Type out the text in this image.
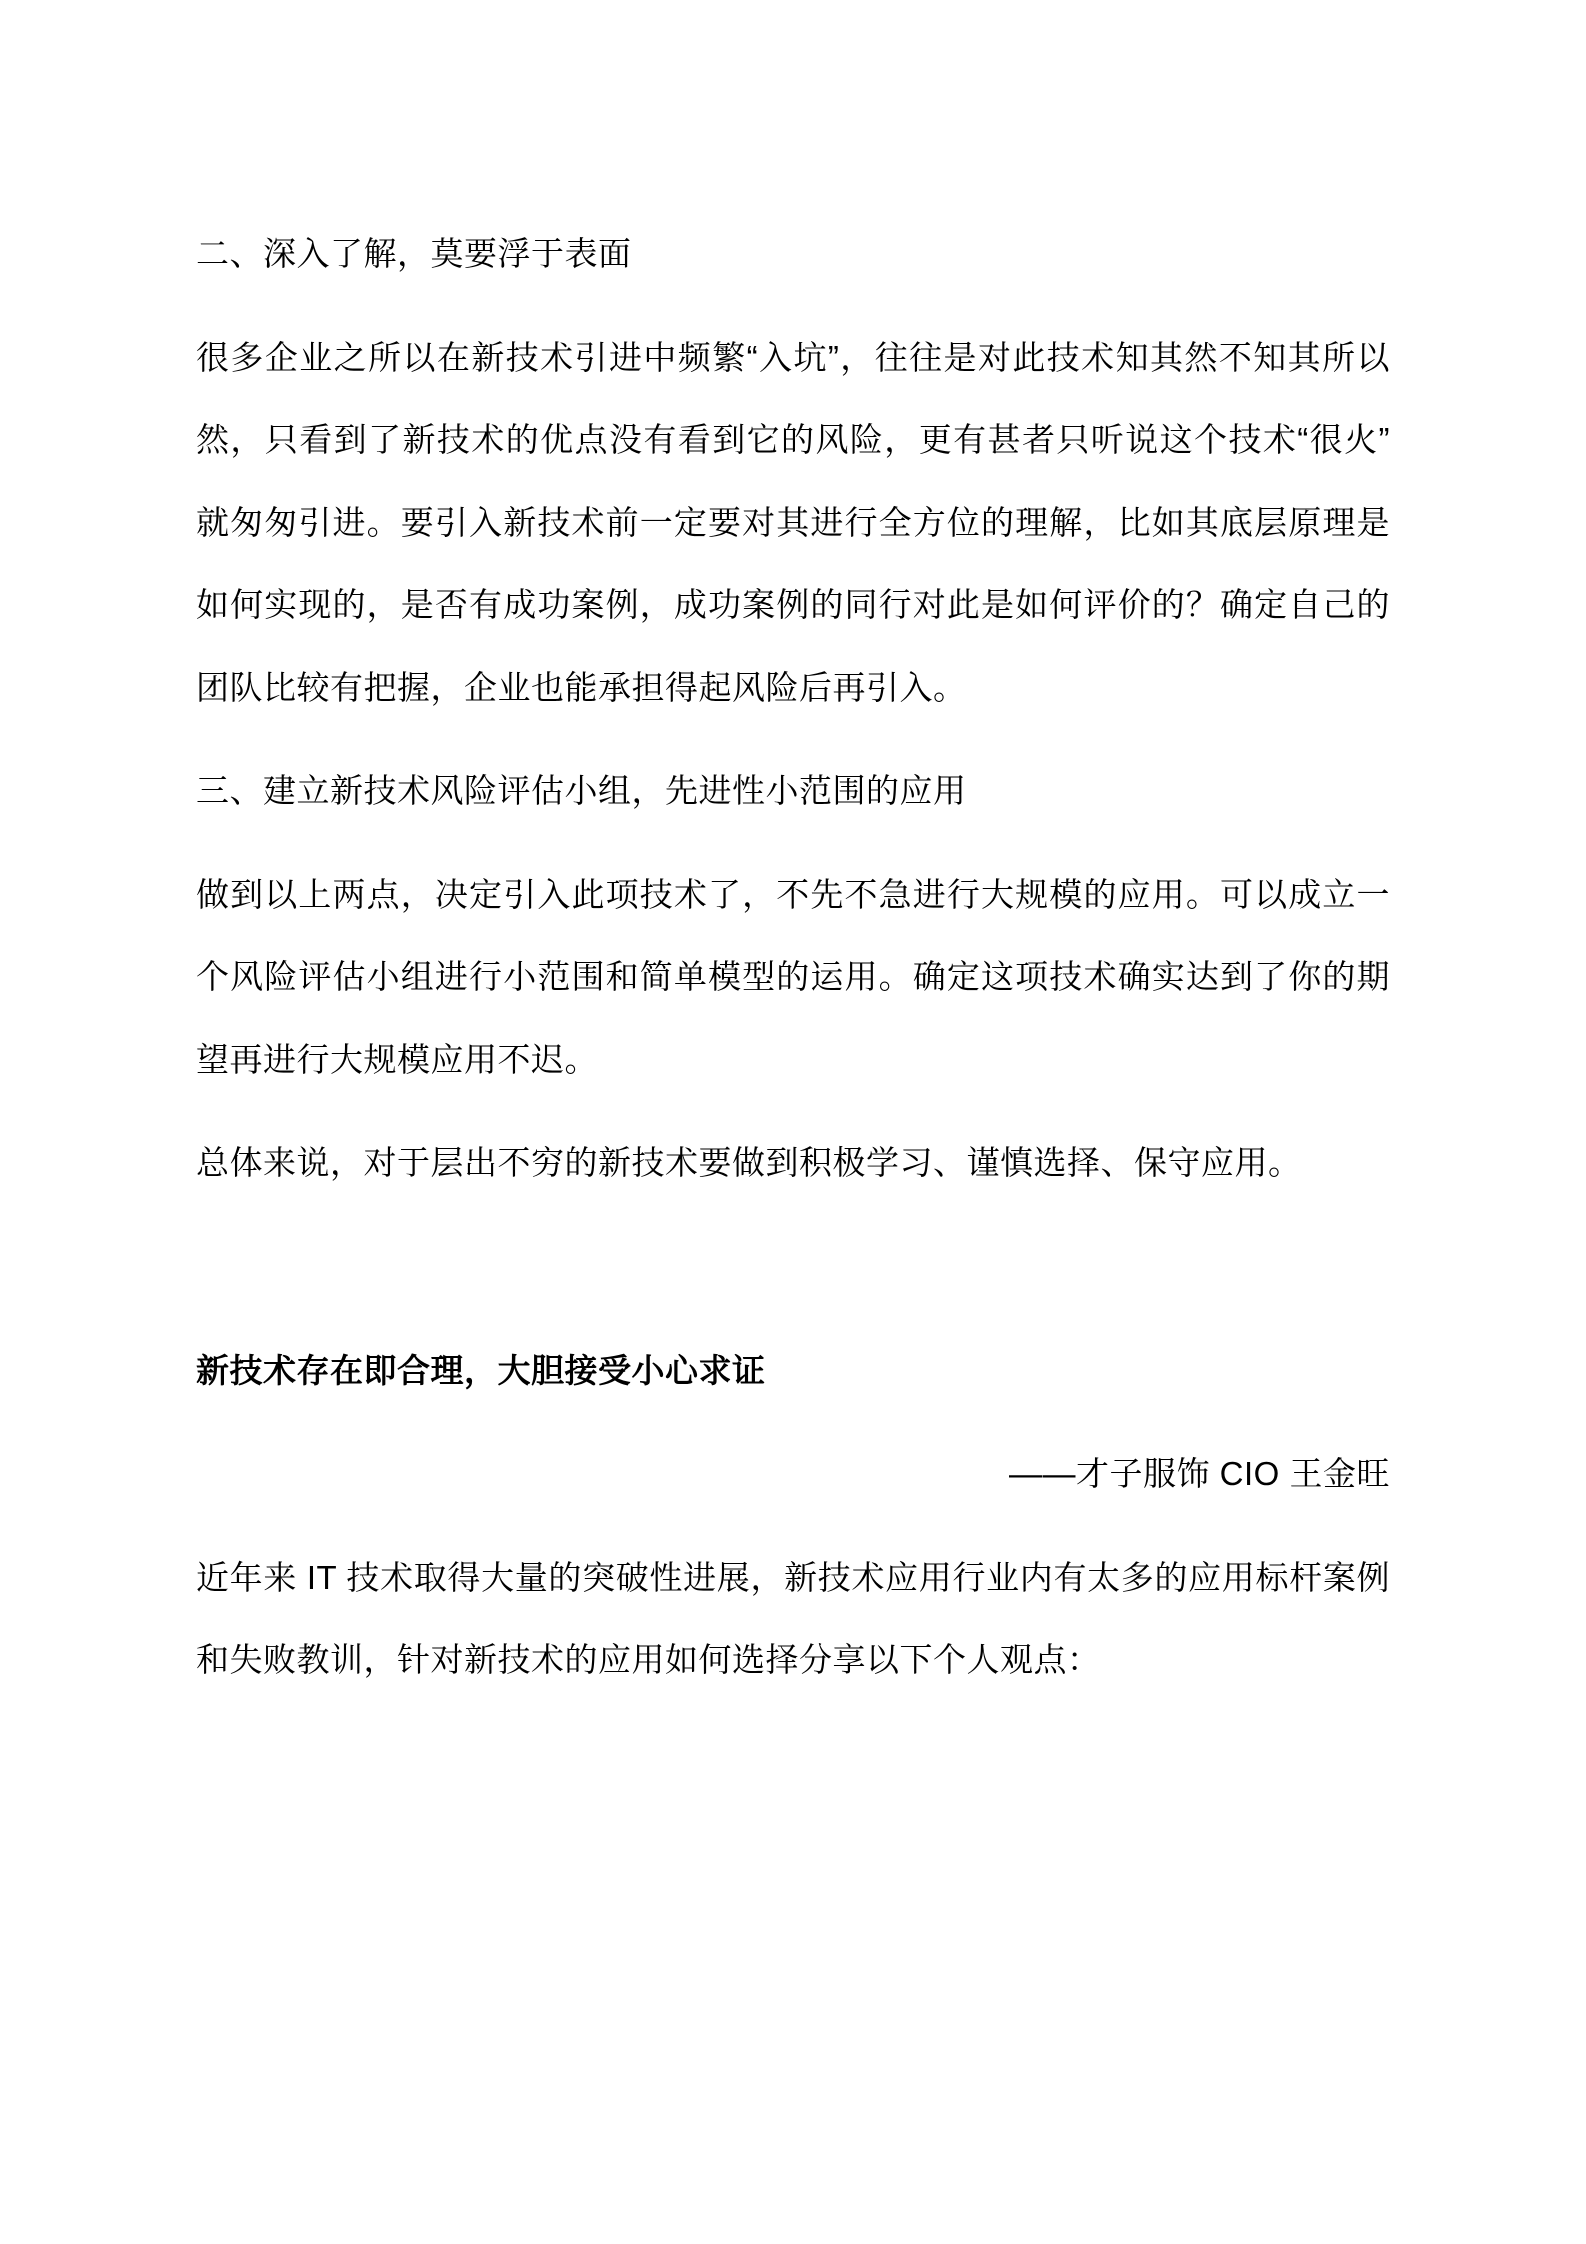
二、深入了解，莫要浮于表面
很多企业之所以在新技术引进中频繁“入坑”，往往是对此技术知其然不知其所以然，只看到了新技术的优点没有看到它的风险，更有甚者只听说这个技术“很火”就匆匆引进。要引入新技术前一定要对其进行全方位的理解，比如其底层原理是如何实现的，是否有成功案例，成功案例的同行对此是如何评价的？确定自己的团队比较有把握，企业也能承担得起风险后再引入。
三、建立新技术风险评估小组，先进性小范围的应用
做到以上两点，决定引入此项技术了，不先不急进行大规模的应用。可以成立一个风险评估小组进行小范围和简单模型的运用。确定这项技术确实达到了你的期望再进行大规模应用不迟。
总体来说，对于层出不穷的新技术要做到积极学习、谨慎选择、保守应用。
新技术存在即合理，大胆接受小心求证
——才子服饰 CIO 王金旺
近年来 IT 技术取得大量的突破性进展，新技术应用行业内有太多的应用标杆案例和失败教训，针对新技术的应用如何选择分享以下个人观点：
